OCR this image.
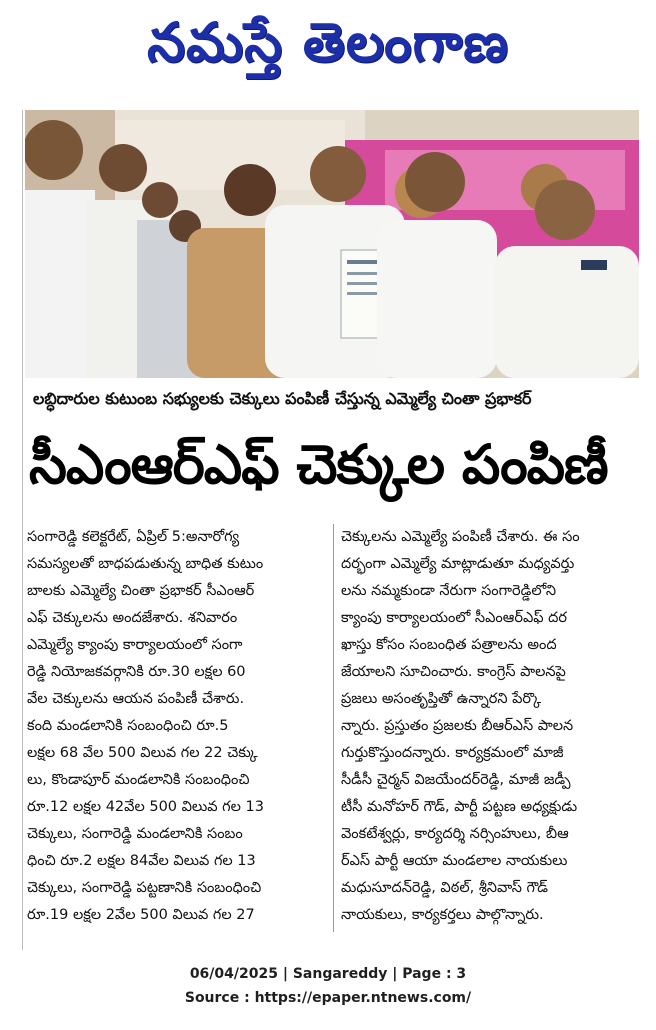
నమస్తే తెలంగాణ
లబ్ధిదారుల కుటుంబ సభ్యులకు చెక్కులు పంపిణీ చేస్తున్న ఎమ్మెల్యే చింతా ప్రభాకర్
సీఎంఆర్‌ఎఫ్ చెక్కుల పంపిణీ
సంగారెడ్డి కలెక్టరేట్, ఏప్రిల్ 5:అనారోగ్య
సమస్యలతో బాధపడుతున్న బాధిత కుటుం
బాలకు ఎమ్మెల్యే చింతా ప్రభాకర్ సీఎంఆర్
ఎఫ్ చెక్కులను అందజేశారు. శనివారం
ఎమ్మెల్యే క్యాంపు కార్యాలయంలో సంగా
రెడ్డి నియోజకవర్గానికి రూ.30 లక్షల 60
వేల చెక్కులను ఆయన పంపిణీ చేశారు.
కంది మండలానికి సంబంధించి రూ.5
లక్షల 68 వేల 500 విలువ గల 22 చెక్కు
లు, కొండాపూర్ మండలానికి సంబంధించి
రూ.12 లక్షల 42వేల 500 విలువ గల 13
చెక్కులు, సంగారెడ్డి మండలానికి సంబం
ధించి రూ.2 లక్షల 84వేల విలువ గల 13
చెక్కులు, సంగారెడ్డి పట్టణానికి సంబంధించి
రూ.19 లక్షల 2వేల 500 విలువ గల 27
చెక్కులను ఎమ్మెల్యే పంపిణీ చేశారు. ఈ సం
దర్భంగా ఎమ్మెల్యే మాట్లాడుతూ మధ్యవర్తు
లను నమ్మకుండా నేరుగా సంగారెడ్డిలోని
క్యాంపు కార్యాలయంలో సీఎంఆర్‌ఎఫ్ దర
ఖాస్తు కోసం సంబంధిత పత్రాలను అంద
జేయాలని సూచించారు. కాంగ్రెస్ పాలనపై
ప్రజలు అసంతృప్తితో ఉన్నారని పేర్కొ
న్నారు. ప్రస్తుతం ప్రజలకు బీఆర్‌ఎస్ పాలన
గుర్తుకొస్తుందన్నారు. కార్యక్రమంలో మాజీ
సీడీసీ చైర్మన్ విజయేందర్‌రెడ్డి, మాజీ జడ్పీ
టీసీ మనోహర్ గౌడ్, పార్టీ పట్టణ అధ్యక్షుడు
వెంకటేశ్వర్లు, కార్యదర్శి నర్సింహులు, బీఆ
ర్‌ఎస్ పార్టీ ఆయా మండలాల నాయకులు
మధుసూదన్‌రెడ్డి, విఠల్, శ్రీనివాస్ గౌడ్
నాయకులు, కార్యకర్తలు పాల్గొన్నారు.
06/04/2025 | Sangareddy | Page : 3
Source : https://epaper.ntnews.com/
